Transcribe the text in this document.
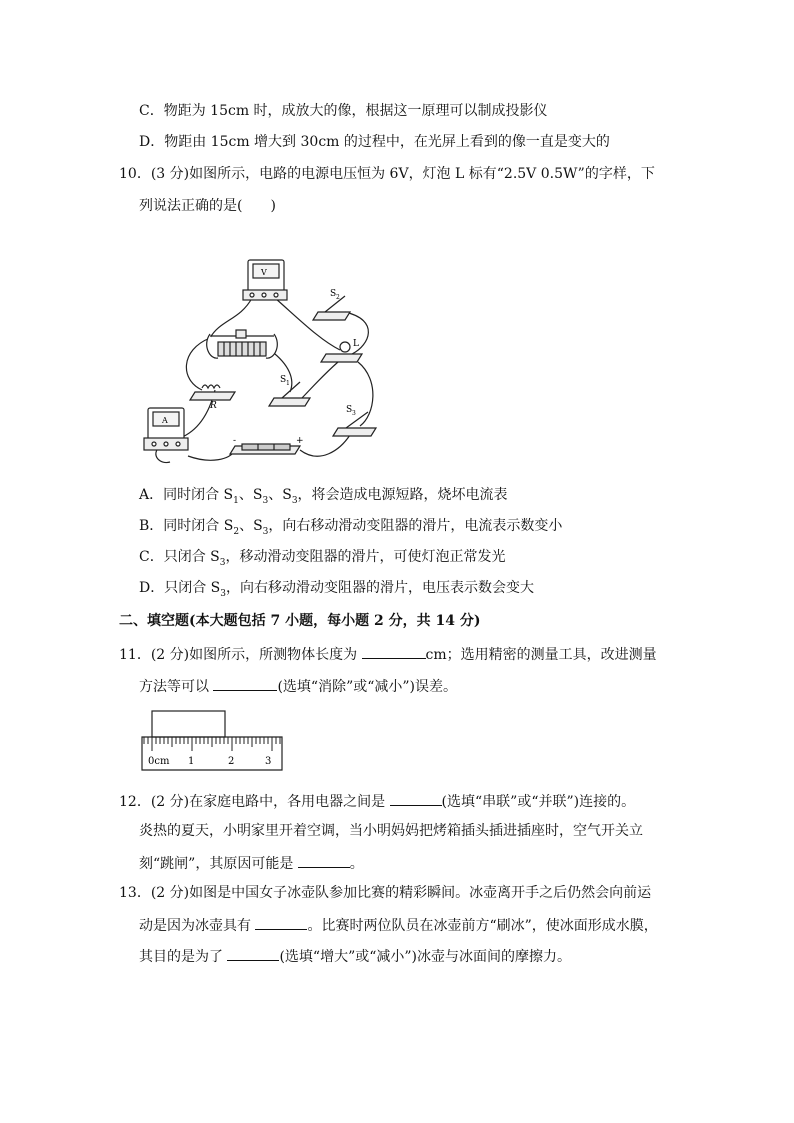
C．物距为 15cm 时，成放大的像，根据这一原理可以制成投影仪
D．物距由 15cm 增大到 30cm 的过程中，在光屏上看到的像一直是变大的
10．(3 分)如图所示，电路的电源电压恒为 6V，灯泡 L 标有“2.5V 0.5W”的字样，下
列说法正确的是(　　)
V
S 2
R
S 1
L
S 3
A
-	+
A．同时闭合 $S_1$、$S_3$、$S_3$，将会造成电源短路，烧坏电流表
B．同时闭合 $S_2$、$S_3$，向右移动滑动变阻器的滑片，电流表示数变小
C．只闭合 $S_3$，移动滑动变阻器的滑片，可使灯泡正常发光
D．只闭合 $S_3$，向右移动滑动变阻器的滑片，电压表示数会变大
二、填空题(本大题包括 7 小题，每小题 2 分，共 14 分)
11．(2 分)如图所示，所测物体长度为	cm；选用精密的测量工具，改进测量
方法等可以	(选填“消除”或“减小”)误差。
0cm 1	2	3
12．(2 分)在家庭电路中，各用电器之间是	(选填“串联”或“并联”)连接的。
炎热的夏天，小明家里开着空调，当小明妈妈把烤箱插头插进插座时，空气开关立
刻“跳闸”，其原因可能是	。
13．(2 分)如图是中国女子冰壶队参加比赛的精彩瞬间。冰壶离开手之后仍然会向前运
动是因为冰壶具有	。比赛时两位队员在冰壶前方“刷冰”，使冰面形成水膜，
其目的是为了	(选填“增大”或“减小”)冰壶与冰面间的摩擦力。
